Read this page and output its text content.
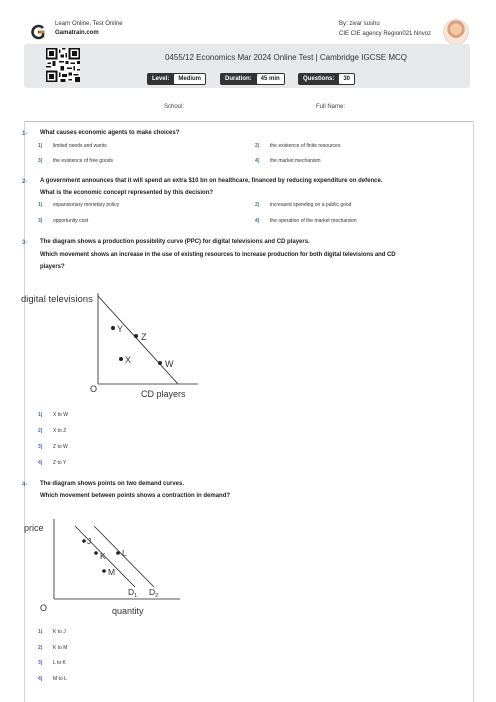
Learn Online, Test Online
Gamatrain.com
By: zivar sushu
CIE CIE agency Region021 Nnvoz
0455/12 Economics Mar 2024 Online Test | Cambridge IGCSE MCQ
Level:	Medium	Duration:	45 min	Questions:	30
School:	Full Name:
1- What causes economic agents to make choices?
1) limited needs and wants	2) the existence of finite resources
3) the existence of free goods	4) the market mechanism
2- A government announces that it will spend an extra $10 bn on healthcare, financed by reducing expenditure on defence.
What is the economic concept represented by this decision?
1) expansionary monetary policy	2) increased spending on a public good
3) opportunity cost	4) the operation of the market mechanism
3- The diagram shows a production possibility curve (PPC) for digital televisions and CD players.
Which movement shows an increase in the use of existing resources to increase production for both digital televisions and CD
players?
digital televisions
O	CD players
Y
Z
X	W
1) X to W
2) X to Z
3) Z to W
4) Z to Y
4- The diagram shows points on two demand curves.
Which movement between points shows a contraction in demand?
price
O	quantity
J
L
K
M
$D_1$ $D_2$
1) K to J
2) K to M
3) L to K
4) M to L
